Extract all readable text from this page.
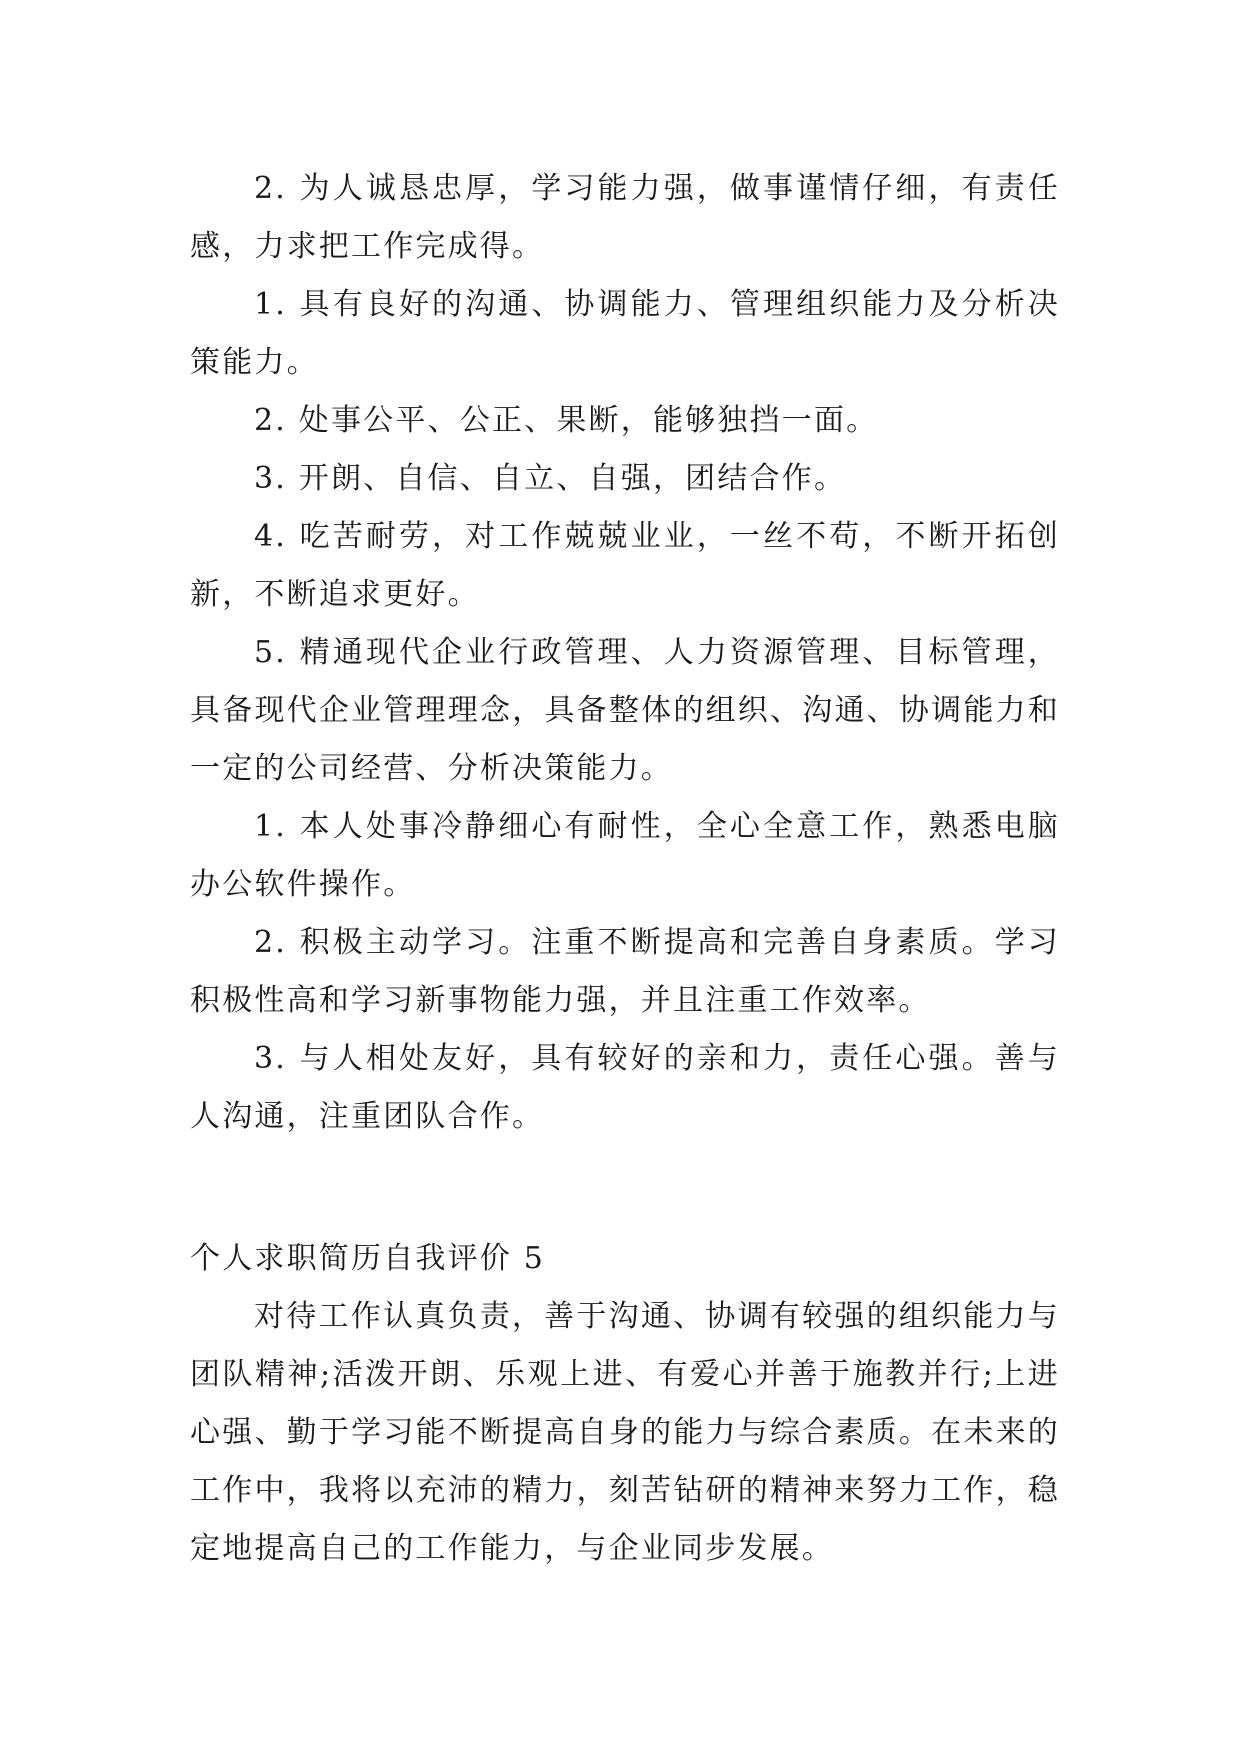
2. 为人诚恳忠厚，学习能力强，做事谨情仔细，有责任感，力求把工作完成得。

1. 具有良好的沟通、协调能力、管理组织能力及分析决策能力。

2. 处事公平、公正、果断，能够独挡一面。

3. 开朗、自信、自立、自强，团结合作。

4. 吃苦耐劳，对工作兢兢业业，一丝不苟，不断开拓创新，不断追求更好。

5. 精通现代企业行政管理、人力资源管理、目标管理，具备现代企业管理理念，具备整体的组织、沟通、协调能力和一定的公司经营、分析决策能力。

1. 本人处事冷静细心有耐性，全心全意工作，熟悉电脑办公软件操作。

2. 积极主动学习。注重不断提高和完善自身素质。学习积极性高和学习新事物能力强，并且注重工作效率。

3. 与人相处友好，具有较好的亲和力，责任心强。善与人沟通，注重团队合作。

个人求职简历自我评价 5

对待工作认真负责，善于沟通、协调有较强的组织能力与团队精神;活泼开朗、乐观上进、有爱心并善于施教并行;上进心强、勤于学习能不断提高自身的能力与综合素质。在未来的工作中，我将以充沛的精力，刻苦钻研的精神来努力工作，稳定地提高自己的工作能力，与企业同步发展。
